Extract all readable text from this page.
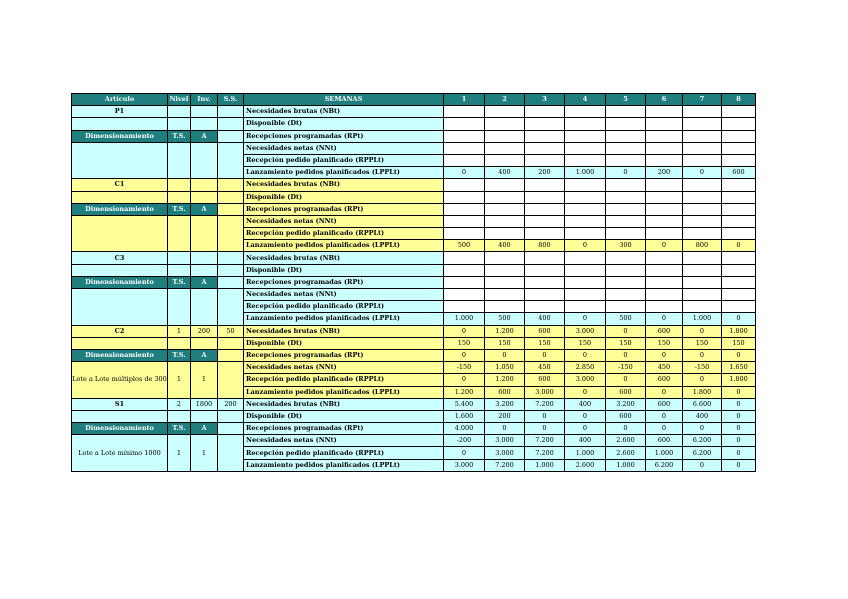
Artículo	Nivel	Inv.	S.S.	SEMANAS	1	2	3	4	5	6	7	8
P1				Necesidades brutas (NBt)								
				Disponible (Dt)								
Dimensionamiento	T.S.	A		Recepciones programadas (RPt)								
				Necesidades netas (NNt)								
				Recepción pedido planificado (RPPLt)								
				Lanzamiento pedidos planificados (LPPLt)	0	400	200	1.000	0	200	0	600
C1				Necesidades brutas (NBt)								
				Disponible (Dt)								
Dimensionamiento	T.S.	A		Recepciones programadas (RPt)								
				Necesidades netas (NNt)								
				Recepción pedido planificado (RPPLt)								
				Lanzamiento pedidos planificados (LPPLt)	500	400	800	0	300	0	800	0
C3				Necesidades brutas (NBt)								
				Disponible (Dt)								
Dimensionamiento	T.S.	A		Recepciones programadas (RPt)								
				Necesidades netas (NNt)								
				Recepción pedido planificado (RPPLt)								
				Lanzamiento pedidos planificados (LPPLt)	1.000	500	400	0	500	0	1.000	0
C2	1	200	50	Necesidades brutas (NBt)	0	1.200	600	3.000	0	600	0	1.800
				Disponible (Dt)	150	150	150	150	150	150	150	150
Dimensionamiento	T.S.	A		Recepciones programadas (RPt)	0	0	0	0	0	0	0	0
Lote a Lote múltiplos de 300	1	1		Necesidades netas (NNt)	-150	1.050	450	2.850	-150	450	-150	1.650
				Recepción pedido planificado (RPPLt)	0	1.200	600	3.000	0	600	0	1.800
				Lanzamiento pedidos planificados (LPPLt)	1.200	600	3.000	0	600	0	1.800	0
S1	2	1800	200	Necesidades brutas (NBt)	5.400	3.200	7.200	400	3.200	600	6.600	0
				Disponible (Dt)	1.600	200	0	0	600	0	400	0
Dimensionamiento	T.S.	A		Recepciones programadas (RPt)	4.000	0	0	0	0	0	0	0
Lote a Lote mínimo 1000	1	1		Necesidades netas (NNt)	-200	3.000	7.200	400	2.600	600	6.200	0
				Recepción pedido planificado (RPPLt)	0	3.000	7.200	1.000	2.600	1.000	6.200	0
				Lanzamiento pedidos planificados (LPPLt)	3.000	7.200	1.000	2.600	1.000	6.200	0	0
